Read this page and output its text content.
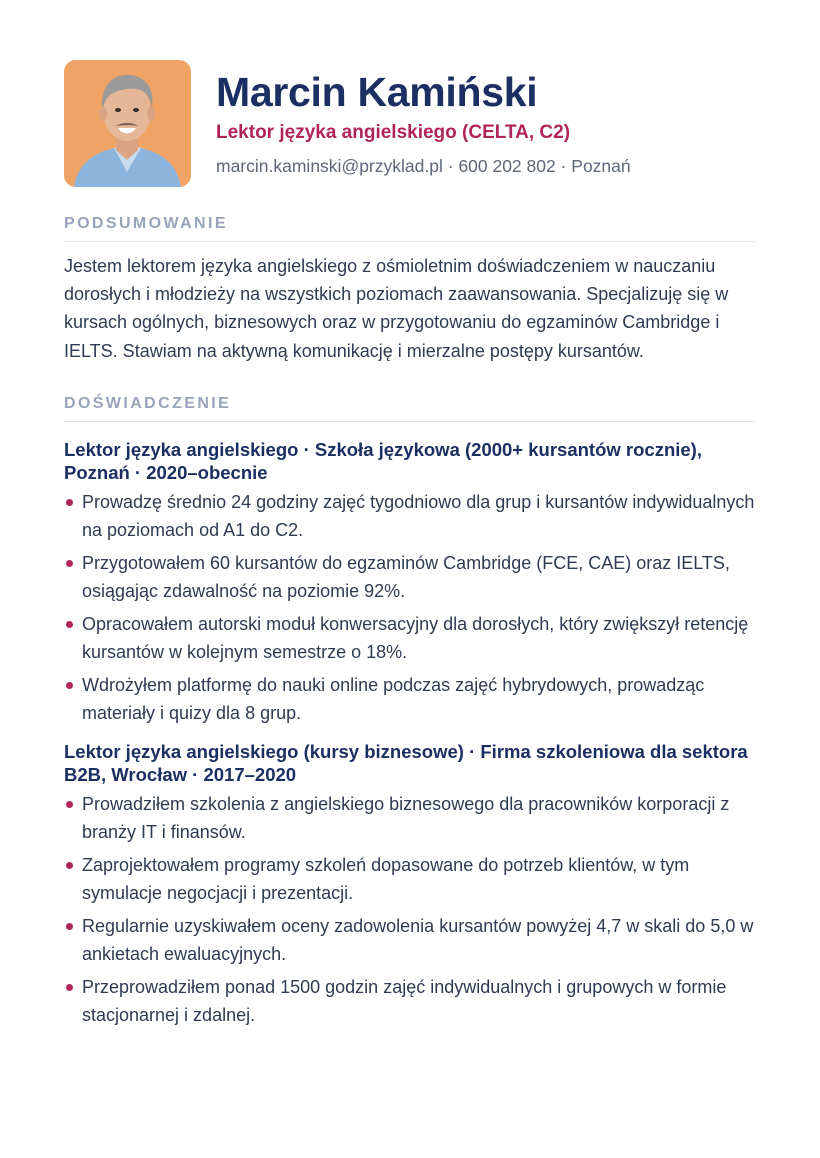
Marcin Kamiński
Lektor języka angielskiego (CELTA, C2)
marcin.kaminski@przyklad.pl · 600 202 802 · Poznań
PODSUMOWANIE
Jestem lektorem języka angielskiego z ośmioletnim doświadczeniem w nauczaniu dorosłych i młodzieży na wszystkich poziomach zaawansowania. Specjalizuję się w kursach ogólnych, biznesowych oraz w przygotowaniu do egzaminów Cambridge i IELTS. Stawiam na aktywną komunikację i mierzalne postępy kursantów.
DOŚWIADCZENIE
Lektor języka angielskiego · Szkoła językowa (2000+ kursantów rocznie), Poznań · 2020–obecnie
Prowadzę średnio 24 godziny zajęć tygodniowo dla grup i kursantów indywidualnych na poziomach od A1 do C2.
Przygotowałem 60 kursantów do egzaminów Cambridge (FCE, CAE) oraz IELTS, osiągając zdawalność na poziomie 92%.
Opracowałem autorski moduł konwersacyjny dla dorosłych, który zwiększył retencję kursantów w kolejnym semestrze o 18%.
Wdrożyłem platformę do nauki online podczas zajęć hybrydowych, prowadząc materiały i quizy dla 8 grup.
Lektor języka angielskiego (kursy biznesowe) · Firma szkoleniowa dla sektora B2B, Wrocław · 2017–2020
Prowadziłem szkolenia z angielskiego biznesowego dla pracowników korporacji z branży IT i finansów.
Zaprojektowałem programy szkoleń dopasowane do potrzeb klientów, w tym symulacje negocjacji i prezentacji.
Regularnie uzyskiwałem oceny zadowolenia kursantów powyżej 4,7 w skali do 5,0 w ankietach ewaluacyjnych.
Przeprowadziłem ponad 1500 godzin zajęć indywidualnych i grupowych w formie stacjonarnej i zdalnej.
